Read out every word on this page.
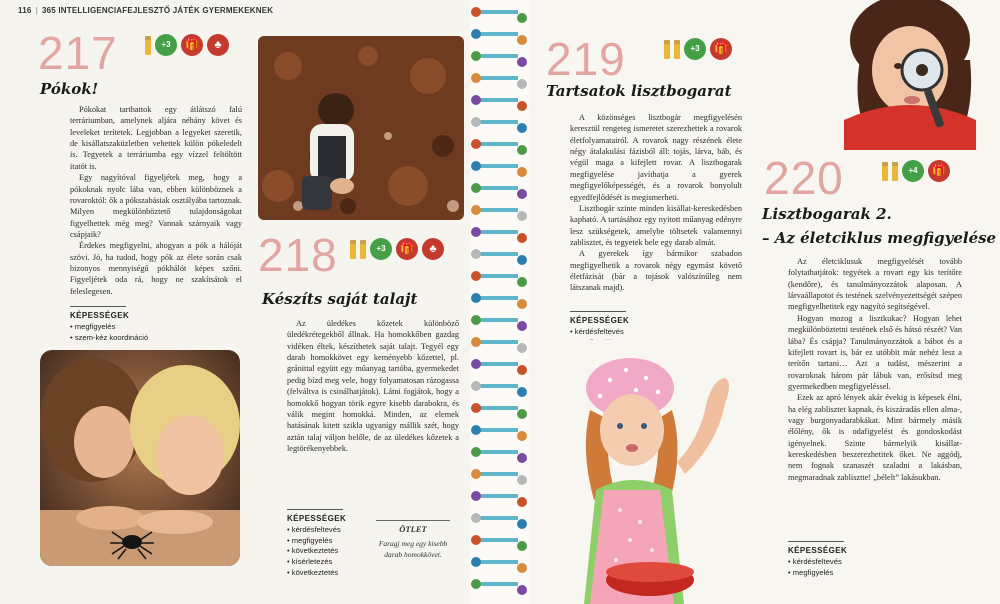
116 | 365 INTELLIGENCIAFEJLESZTŐ JÁTÉK GYERMEKEKNEK
217	+3	🎁	♣
Pókok!

Pókokat tarthattok egy átlátszó falú terráriumban, amelynek aljára néhány követ és leveleket terítetek. Legjobban a legyeket szeretik, de kisállatszaküzletben vehettek külön pókeledelt is. Tegyetek a terráriumba egy vízzel feltöltött itatót is.

Egy nagyítóval figyeljétek meg, hogy a pókoknak nyolc lába van, ebben különböznek a rovaroktól: ők a pókszabásiak osztályába tartoznak. Milyen megkülönböztető tulajdonságokat figyelhettek még meg? Vannak szárnyaik vagy csápjaik?

Érdekes megfigyelni, ahogyan a pók a hálóját szövi. Jó, ha tudod, hogy pók az élete során csak bizonyos mennyiségű pókhálót képes szőni. Figyeljétek oda rá, hogy ne szakítsátok el feleslegesen.

KÉPESSÉGEK
• megfigyelés
• szem-kéz koordináció
218	+3	🎁	♣
Készíts saját talajt

Az üledékes kőzetek különböző üledékrétegekből állnak. Ha homokkőben gazdag vidéken éltek, készíthetek saját talajt. Tegyél egy darab homokkövet egy keményebb kőzettel, pl. gránittal együtt egy műanyag tartóba, gyermekedet pedig bízd meg vele, hogy folyamatosan rázogassa (felváltva is csinálhatjátok). Látni fogjátok, hogy a homokkő hogyan törik egyre kisebb darabokra, és válik megint homokká. Minden, az elemek hatásának kitett szikla ugyanígy mállik szét, hogy aztán talaj váljon belőle, de az üledékes kőzetek a legtörékenyebbek.

KÉPESSÉGEK
• kérdésfeltevés
• megfigyelés
• következtetés
• kísérletezés
• következtetés
ÖTLET
Faragj meg egy kisebb darab homokkövet.
219	+3	🎁
Tartsatok lisztbogarat

A közönséges lisztbogár megfigyelésén keresztül rengeteg ismeretet szerezhettek a rovarok életfolyamatairól. A rovarok nagy részének élete négy átalakulási fázisból áll: tojás, lárva, báb, és végül maga a kifejlett rovar. A lisztbogarak megfigyelése javíthatja a gyerek megfigyelőképességét, és a rovarok bonyolult egyedfejlődését is megismerheti.

Lisztbogár szinte minden kisállat-kereskedésben kapható. A tartásához egy nyitott műanyag edényre lesz szükségetek, amelybe töltsetek valamennyi zablisztet, és tegyetek bele egy darab almát.

A gyerekek így bármikor szabadon megfigyelhetik a rovarok négy egymást követő életfázisát (bár a tojások valószínűleg nem látszanak majd).

KÉPESSÉGEK
• kérdésfeltevés
•
220	+4	🎁
Lisztbogarak 2.
– Az életciklus megfigyelése

Az életciklusuk megfigyelését tovább folytathatjátok: tegyétek a rovart egy kis terítőre (kendőre), és tanulmányozzátok alaposan. A lárvaállapotot és testének szelvényezettségét szépen megfigyelhetitek egy nagyító segítségével.

Hogyan mozog a lisztkukac? Hogyan lehet megkülönböztetni testének első és hátsó részét? Van lába? És csápja? Tanulmányozzátok a bábot és a kifejlett rovart is, bár ez utóbbit már nehéz lesz a terítőn tartani… Azt a tudást, mészerint a rovaroknak három pár lábuk van, erősítsd meg gyermekedben megfigyeléssel.

Ezek az apró lények akár évekig is képesek élni, ha elég zablisztet kapnak, és kiszáradás ellen alma-, vagy burgonyadarabkákat. Mint bármely másik élőlény, ők is odafigyelést és gondoskodást igényelnek. Szinte bármelyik kisállat-kereskedésben beszerezhetitek őket. Ne aggódj, nem fognak szanaszét szaladni a lakásban, megmaradnak zablisztte! „bélelt” lakásukban.

KÉPESSÉGEK
• kérdésfeltevés
• megfigyelés
